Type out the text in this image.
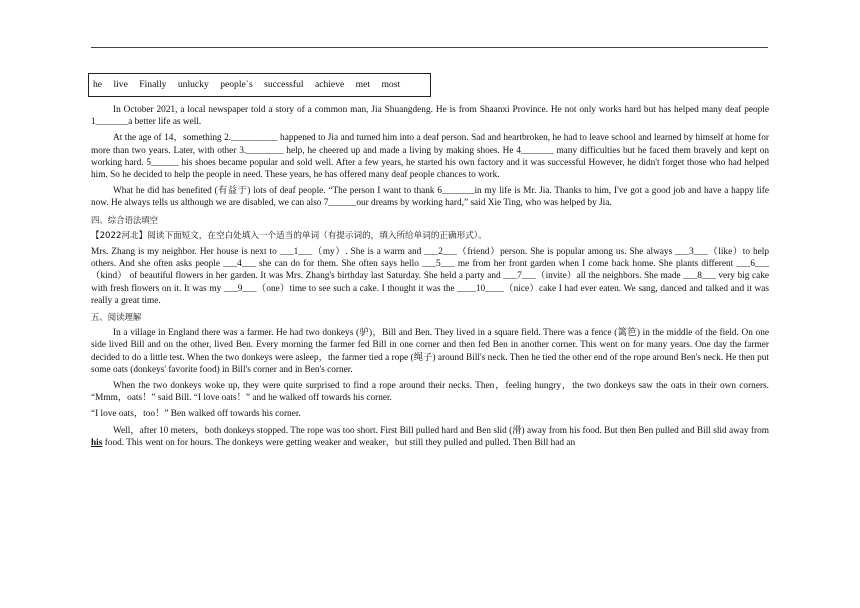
he live Finally unlucky people`s successful achieve met most

In October 2021, a local newspaper told a story of a common man, Jia Shuangdeng. He is from Shaanxi Province. He not only works hard but has helped many deaf people 1_______a better life as well.

At the age of 14，something 2.__________ happened to Jia and turned him into a deaf person. Sad and heartbroken, he had to leave school and learned by himself at home for more than two years. Later, with other 3.________ help, he cheered up and made a living by making shoes. He 4_______ many difficulties but he faced them bravely and kept on working hard. 5______ his shoes became popular and sold well. After a few years, he started his own factory and it was successful However, he didn't forget those who had helped him. So he decided to help the people in need. These years, he has offered many deaf people chances to work.

What he did has benefited (有益于) lots of deaf people. “The person I want to thank 6_______in my life is Mr. Jia. Thanks to him, I've got a good job and have a happy life now. He always tells us although we are disabled, we can also 7______our dreams by working hard,” said Xie Ting, who was helped by Jia.

四、综合语法填空

【2022河北】阅读下面短文，在空白处填入一个适当的单词（有提示词的，填入所给单词的正确形式）。

Mrs. Zhang is my neighbor. Her house is next to ___1___（my）. She is a warm and ___2___（friend）person. She is popular among us. She always ___3___（like）to help others. And she often asks people ___4___ she can do for them. She often says hello ___5___ me from her front garden when I come back home. She plants different ___6___ （kind） of beautiful flowers in her garden. It was Mrs. Zhang's birthday last Saturday. She held a party and ___7___（invite）all the neighbors. She made ___8___ very big cake with fresh flowers on it. It was my ___9___（one）time to see such a cake. I thought it was the ____10____（nice）cake I had ever eaten. We sang, danced and talked and it was really a great time.

五、阅读理解

In a village in England there was a farmer. He had two donkeys (驴)，Bill and Ben. They lived in a square field. There was a fence (篱笆) in the middle of the field. On one side lived Bill and on the other, lived Ben. Every morning the farmer fed Bill in one corner and then fed Ben in another corner. This went on for many years. One day the farmer decided to do a little test. When the two donkeys were asleep，the farmer tied a rope (绳子) around Bill's neck. Then he tied the other end of the rope around Ben's neck. He then put some oats (donkeys' favorite food) in Bill's corner and in Ben's corner.

When the two donkeys woke up, they were quite surprised to find a rope around their necks. Then，feeling hungry，the two donkeys saw the oats in their own corners. “Mmm，oats！” said Bill. “I love oats！” and he walked off towards his corner.

“I love oats，too！” Ben walked off towards his corner.

Well，after 10 meters，both donkeys stopped. The rope was too short. First Bill pulled hard and Ben slid (滑) away from his food. But then Ben pulled and Bill slid away from his food. This went on for hours. The donkeys were getting weaker and weaker，but still they pulled and pulled. Then Bill had an
